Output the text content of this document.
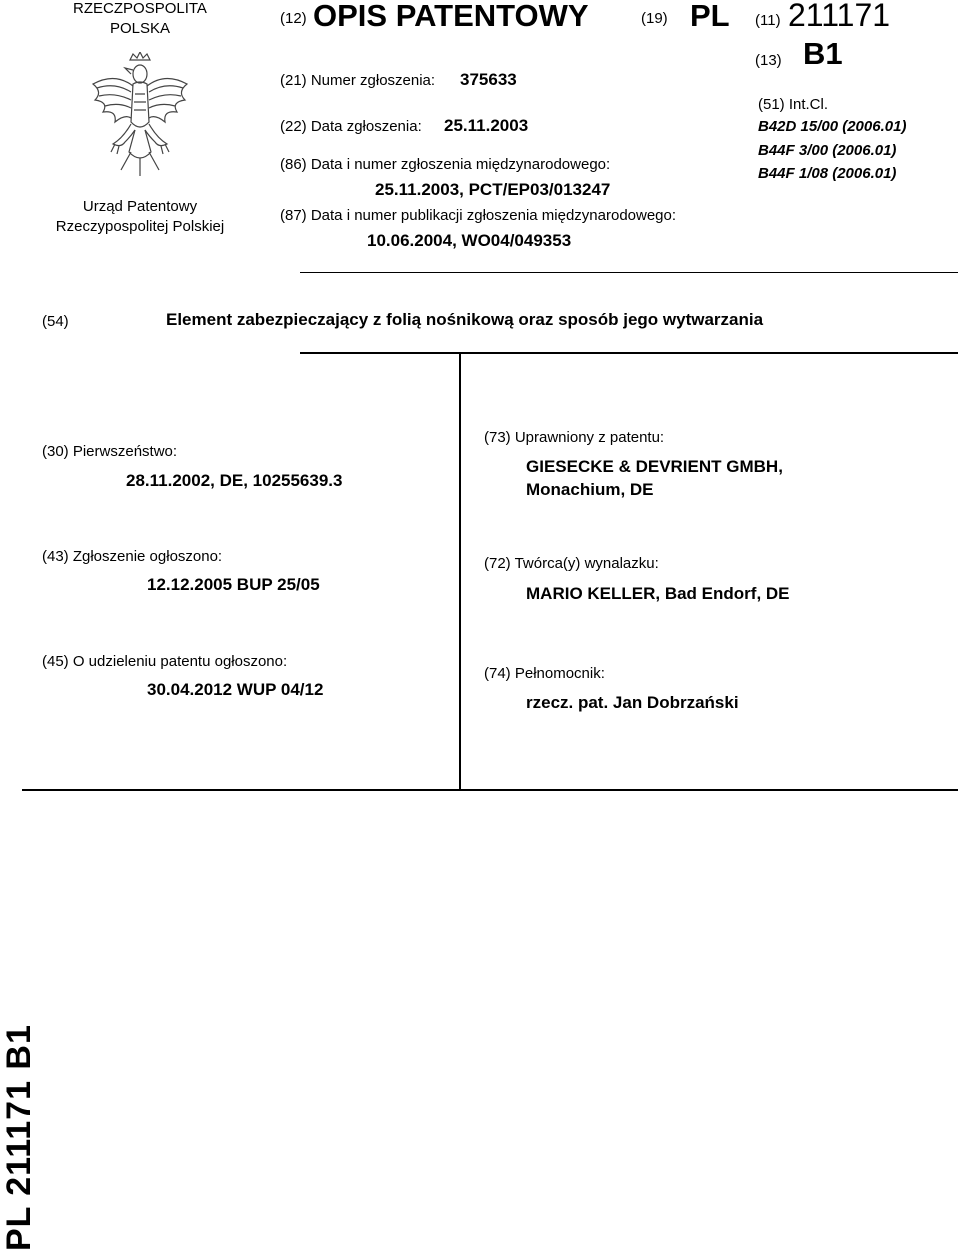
RZECZPOSPOLITA
POLSKA
Urząd Patentowy
Rzeczypospolitej Polskiej
(12) OPIS PATENTOWY	(19) PL
(21) Numer zgłoszenia: 375633
(22) Data zgłoszenia: 25.11.2003
(86) Data i numer zgłoszenia międzynarodowego:
25.11.2003, PCT/EP03/013247
(87) Data i numer publikacji zgłoszenia międzynarodowego:
10.06.2004, WO04/049353
(11) 211171
(13) B1
(51) Int.Cl.
B42D 15/00 (2006.01)
B44F 3/00 (2006.01)
B44F 1/08 (2006.01)
(54)	Element zabezpieczający z folią nośnikową oraz sposób jego wytwarzania
(30) Pierwszeństwo:
28.11.2002, DE, 10255639.3
(43) Zgłoszenie ogłoszono:
12.12.2005 BUP 25/05
(45) O udzieleniu patentu ogłoszono:
30.04.2012 WUP 04/12
(73) Uprawniony z patentu:
GIESECKE & DEVRIENT GMBH,
Monachium, DE
(72) Twórca(y) wynalazku:
MARIO KELLER, Bad Endorf, DE
(74) Pełnomocnik:
rzecz. pat. Jan Dobrzański
PL 211171 B1
